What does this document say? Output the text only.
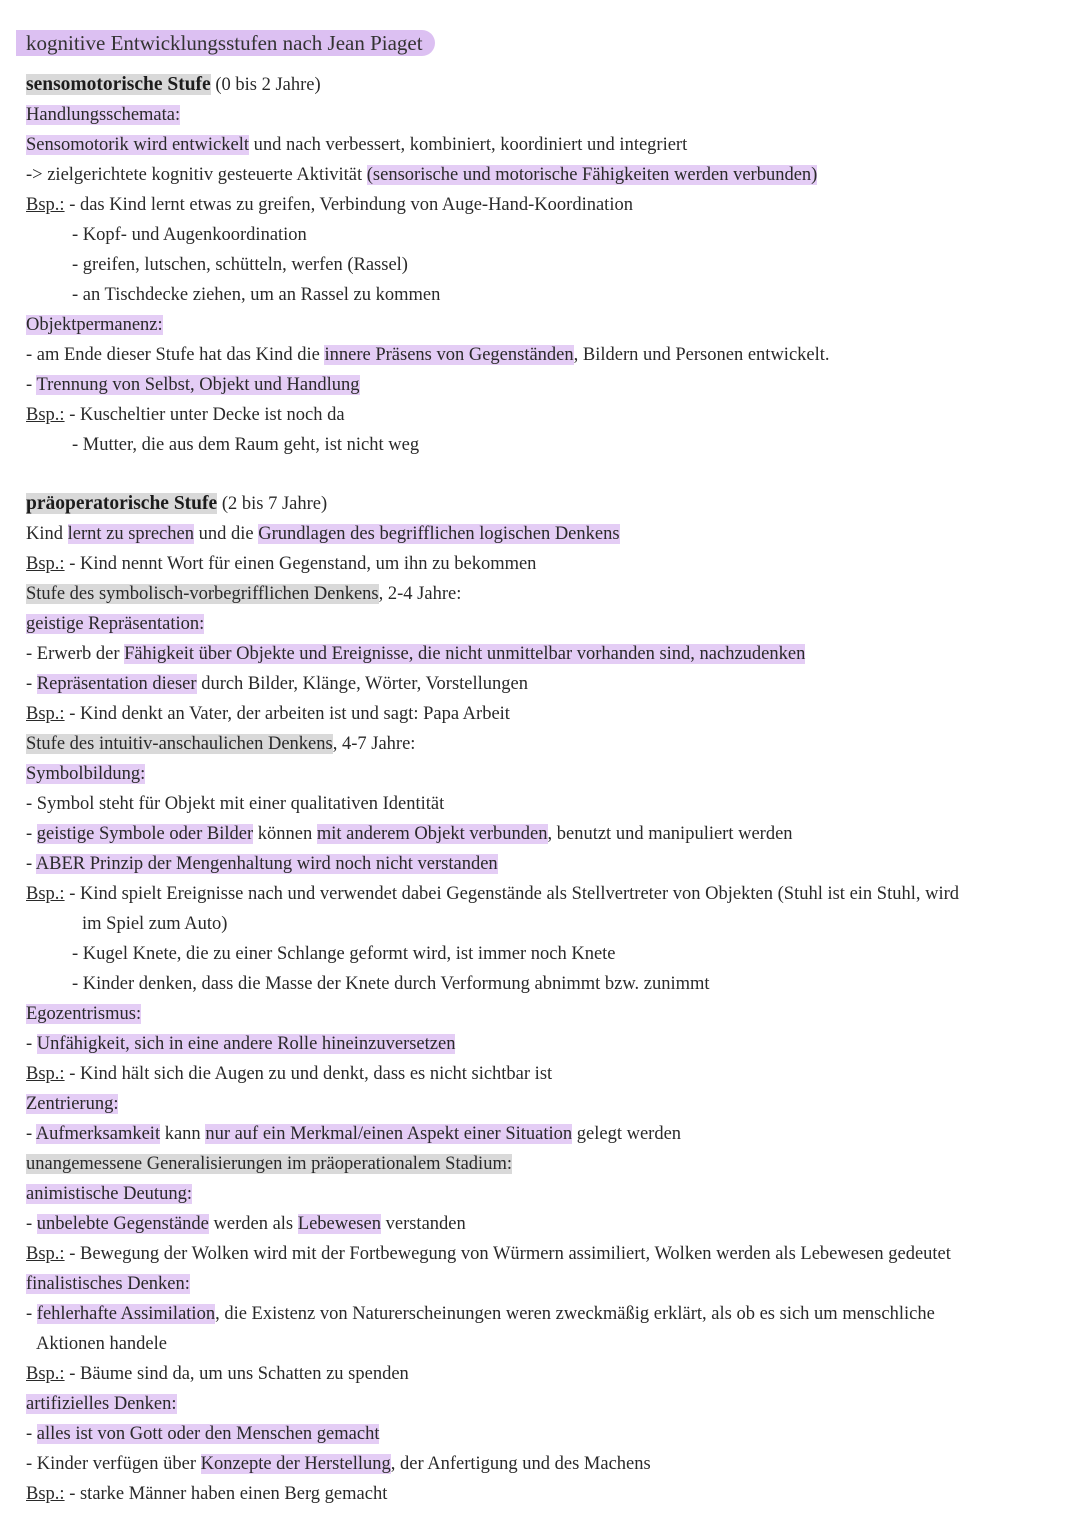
kognitive Entwicklungsstufen nach Jean Piaget
sensomotorische Stufe (0 bis 2 Jahre)
Handlungsschemata:
Sensomotorik wird entwickelt und nach verbessert, kombiniert, koordiniert und integriert
-> zielgerichtete kognitiv gesteuerte Aktivität (sensorische und motorische Fähigkeiten werden verbunden)
Bsp.: - das Kind lernt etwas zu greifen, Verbindung von Auge-Hand-Koordination
- Kopf- und Augenkoordination
- greifen, lutschen, schütteln, werfen (Rassel)
- an Tischdecke ziehen, um an Rassel zu kommen
Objektpermanenz:
- am Ende dieser Stufe hat das Kind die innere Präsens von Gegenständen, Bildern und Personen entwickelt.
- Trennung von Selbst, Objekt und Handlung
Bsp.: - Kuscheltier unter Decke ist noch da
- Mutter, die aus dem Raum geht, ist nicht weg
präoperatorische Stufe (2 bis 7 Jahre)
Kind lernt zu sprechen und die Grundlagen des begrifflichen logischen Denkens
Bsp.: - Kind nennt Wort für einen Gegenstand, um ihn zu bekommen
Stufe des symbolisch-vorbegrifflichen Denkens, 2-4 Jahre:
geistige Repräsentation:
- Erwerb der Fähigkeit über Objekte und Ereignisse, die nicht unmittelbar vorhanden sind, nachzudenken
- Repräsentation dieser durch Bilder, Klänge, Wörter, Vorstellungen
Bsp.: - Kind denkt an Vater, der arbeiten ist und sagt: Papa Arbeit
Stufe des intuitiv-anschaulichen Denkens, 4-7 Jahre:
Symbolbildung:
- Symbol steht für Objekt mit einer qualitativen Identität
- geistige Symbole oder Bilder können mit anderem Objekt verbunden, benutzt und manipuliert werden
- ABER Prinzip der Mengenhaltung wird noch nicht verstanden
Bsp.: - Kind spielt Ereignisse nach und verwendet dabei Gegenstände als Stellvertreter von Objekten (Stuhl ist ein Stuhl, wird
im Spiel zum Auto)
- Kugel Knete, die zu einer Schlange geformt wird, ist immer noch Knete
- Kinder denken, dass die Masse der Knete durch Verformung abnimmt bzw. zunimmt
Egozentrismus:
- Unfähigkeit, sich in eine andere Rolle hineinzuversetzen
Bsp.: - Kind hält sich die Augen zu und denkt, dass es nicht sichtbar ist
Zentrierung:
- Aufmerksamkeit kann nur auf ein Merkmal/einen Aspekt einer Situation gelegt werden
unangemessene Generalisierungen im präoperationalem Stadium:
animistische Deutung:
- unbelebte Gegenstände werden als Lebewesen verstanden
Bsp.: - Bewegung der Wolken wird mit der Fortbewegung von Würmern assimiliert, Wolken werden als Lebewesen gedeutet
finalistisches Denken:
- fehlerhafte Assimilation, die Existenz von Naturerscheinungen weren zweckmäßig erklärt, als ob es sich um menschliche
Aktionen handele
Bsp.: - Bäume sind da, um uns Schatten zu spenden
artifizielles Denken:
- alles ist von Gott oder den Menschen gemacht
- Kinder verfügen über Konzepte der Herstellung, der Anfertigung und des Machens
Bsp.: - starke Männer haben einen Berg gemacht
